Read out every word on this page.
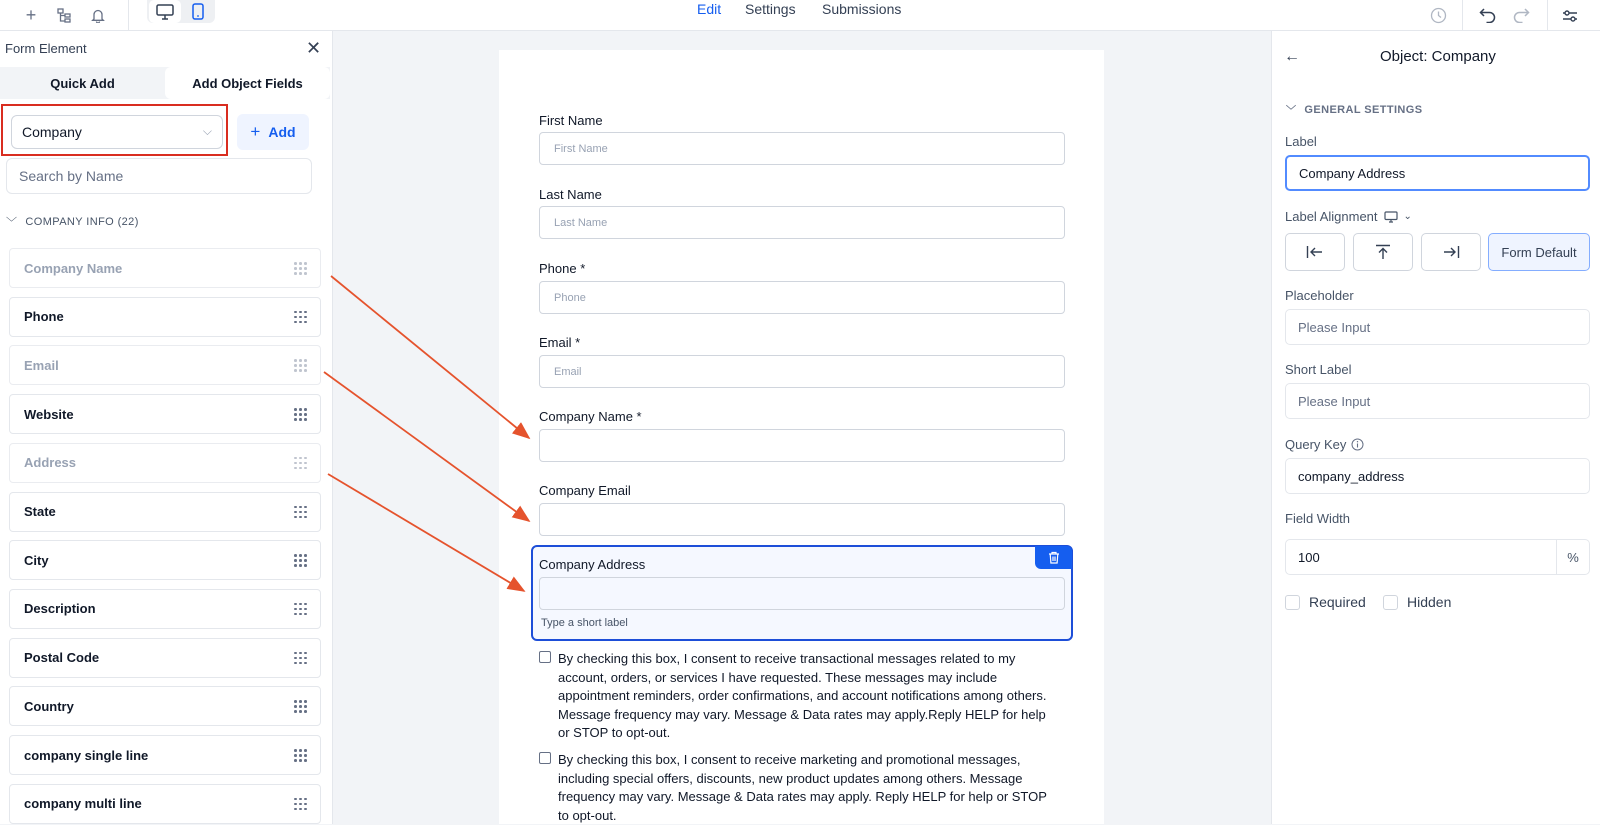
+	Edit Settings Submissions
Form Element	✕
Quick Add	Add Object Fields
Company	⌵ + Add
Search by Name
﹀ COMPANY INFO (22)
Company Name
Phone
Email
Website
Address
State
City
Description
Postal Code
Country
company single line
company multi line
First Name
First Name
Last Name
Last Name
Phone *
Phone
Email *
Email
Company Name *
Company Email
Company Address
Type a short label
By checking this box, I consent to receive transactional messages related to my account, orders, or services I have requested. These messages may include appointment reminders, order confirmations, and account notifications among others. Message frequency may vary. Message & Data rates may apply.Reply HELP for help or STOP to opt-out.
By checking this box, I consent to receive marketing and promotional messages, including special offers, discounts, new product updates among others. Message frequency may vary. Message & Data rates may apply. Reply HELP for help or STOP to opt-out.
←	Object: Company
﹀ GENERAL SETTINGS
Label
Company Address
Label Alignment	⌄
Form Default
Placeholder
Please Input
Short Label
Please Input
Query Key
company_address
Field Width
100	%
Required	Hidden
